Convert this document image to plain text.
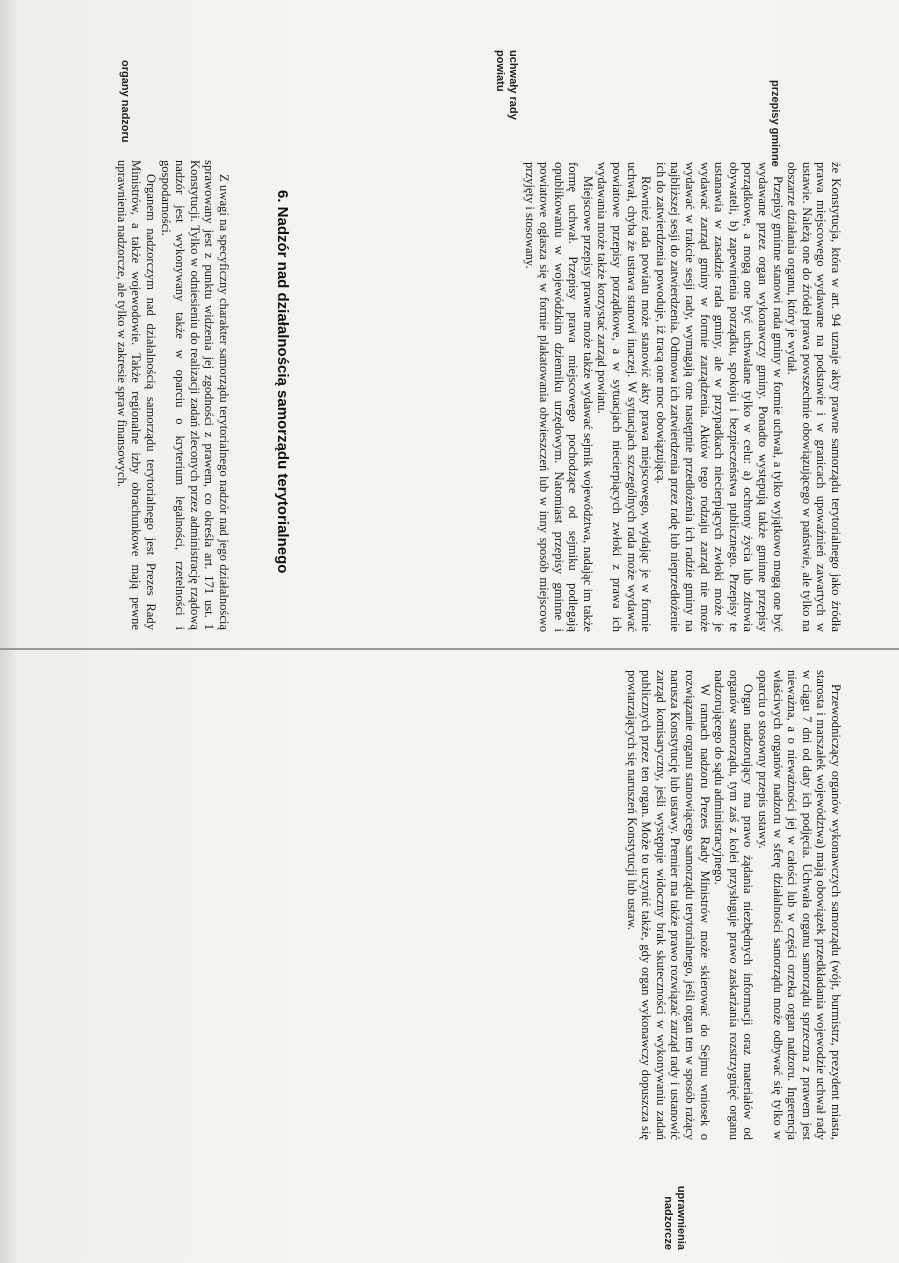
przepisy gminne
uchwały rady powiatu
organy nadzoru

że Konstytucja, która w art. 94 uznaje akty prawne samorządu terytorialnego jako źródła prawa miejscowego wydawane na podstawie i w granicach upoważnień zawartych w ustawie. Należą one do źródeł prawa powszechnie obowiązującego w państwie, ale tylko na obszarze działania organu, który je wydał.

Przepisy gminne stanowi rada gminy w formie uchwał, a tylko wyjątkowo mogą one być wydawane przez organ wykonawczy gminy. Ponadto występują także gminne przepisy porządkowe, a mogą one być uchwalane tylko w celu: a) ochrony życia lub zdrowia obywateli, b) zapewnienia porządku, spokoju i bezpieczeństwa publicznego. Przepisy te ustanawia w zasadzie rada gminy, ale w przypadkach niecierpiących zwłoki może je wydawać zarząd gminy w formie zarządzenia. Aktów tego rodzaju zarząd nie może wydawać w trakcie sesji rady, wymagają one następnie przedłożenia ich radzie gminy na najbliższej sesji do zatwierdzenia. Odmowa ich zatwierdzenia przez radę lub nieprzedłożenie ich do zatwierdzenia powoduje, iż tracą one moc obowiązującą.

Również rada powiatu może stanowić akty prawa miejscowego, wydając je w formie uchwał, chyba że ustawa stanowi inaczej. W sytuacjach szczególnych rada może wydawać powiatowe przepisy porządkowe, a w sytuacjach niecierpiących zwłoki z prawa ich wydawania może także korzystać zarząd powiatu.

Miejscowe przepisy prawne może także wydawać sejmik województwa, nadając im także formę uchwał. Przepisy prawa miejscowego pochodzące od sejmiku podlegają opublikowaniu w wojewódzkim dzienniku urzędowym. Natomiast przepisy gminne i powiatowe ogłasza się w formie plakatowania obwieszczeń lub w inny sposób miejscowo przyjęty i stosowany.

6. Nadzór nad działalnością samorządu terytorialnego

Z uwagi na specyficzny charakter samorządu terytorialnego nadzór nad jego działalnością sprawowany jest z punktu widzenia jej zgodności z prawem, co określa art. 171 ust. 1 Konstytucji. Tylko w odniesieniu do realizacji zadań zleconych przez administrację rządową nadzór jest wykonywany także w oparciu o kryterium legalności, rzetelności i gospodarności.

Organem nadzorczym nad działalnością samorządu terytorialnego jest Prezes Rady Ministrów, a także wojewodowie. Także regionalne izby obrachunkowe mają pewne uprawnienia nadzorcze, ale tylko w zakresie spraw finansowych.

Przewodniczący organów wykonawczych samorządu (wójt, burmistrz, prezydent miasta, starosta i marszałek województwa) mają obowiązek przedkładania wojewodzie uchwał rady w ciągu 7 dni od daty ich podjęcia. Uchwała organu samorządu sprzeczna z prawem jest nieważna, a o nieważności jej w całości lub w części orzeka organ nadzoru. Ingerencja właściwych organów nadzoru w sferę działalności samorządu może odbywać się tylko w oparciu o stosowny przepis ustawy.

Organ nadzorujący ma prawo żądania niezbędnych informacji oraz materiałów od organów samorządu, tym zaś z kolei przysługuje prawo zaskarżania rozstrzygnięć organu nadzorującego do sądu administracyjnego.

W ramach nadzoru Prezes Rady Ministrów może skierować do Sejmu wniosek o rozwiązanie organu stanowiącego samorządu terytorialnego, jeśli organ ten w sposób rażący narusza Konstytucję lub ustawy. Premier ma także prawo rozwiązać zarząd rady i ustanowić zarząd komisaryczny, jeśli występuje widoczny brak skuteczności w wykonywaniu zadań publicznych przez ten organ. Może to uczynić także, gdy organ wykonawczy dopuszcza się powtarzających się naruszeń Konstytucji lub ustaw.

uprawnienia nadzorcze
